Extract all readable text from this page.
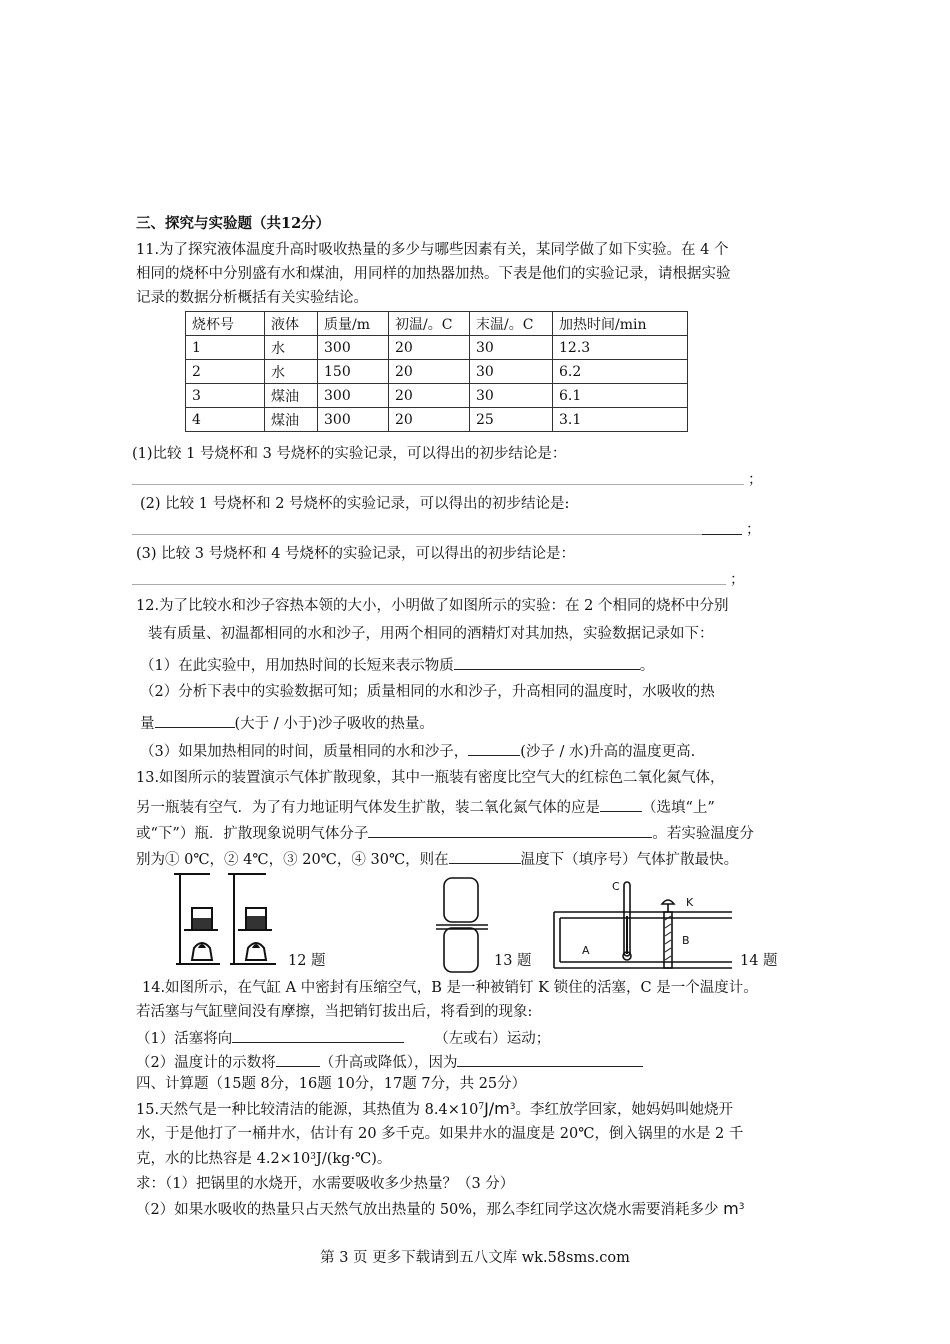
三、探究与实验题（共12分）
11.为了探究液体温度升高时吸收热量的多少与哪些因素有关，某同学做了如下实验。在 4 个
相同的烧杯中分别盛有水和煤油，用同样的加热器加热。下表是他们的实验记录，请根据实验
记录的数据分析概括有关实验结论。
烧杯号	液体	质量/m	初温/。C	末温/。C	加热时间/min
1	水	300	20	30	12.3
2	水	150	20	30	6.2
3	煤油	300	20	30	6.1
4	煤油	300	20	25	3.1
(1)比较 1 号烧杯和 3 号烧杯的实验记录，可以得出的初步结论是：
；
(2) 比较 1 号烧杯和 2 号烧杯的实验记录，可以得出的初步结论是:
；
(3) 比较 3 号烧杯和 4 号烧杯的实验记录，可以得出的初步结论是：
；
12.为了比较水和沙子容热本领的大小，小明做了如图所示的实验：在 2 个相同的烧杯中分别
装有质量、初温都相同的水和沙子，用两个相同的酒精灯对其加热，实验数据记录如下：
（1）在此实验中，用加热时间的长短来表示物质	。
（2）分析下表中的实验数据可知；质量相同的水和沙子，升高相同的温度时，水吸收的热
量	(大于 / 小于)沙子吸收的热量。
（3）如果加热相同的时间，质量相同的水和沙子，	(沙子 / 水)升高的温度更高.
13.如图所示的装置演示气体扩散现象，其中一瓶装有密度比空气大的红棕色二氧化氮气体，
另一瓶装有空气．为了有力地证明气体发生扩散，装二氧化氮气体的应是	（选填“上”
或“下”）瓶．扩散现象说明气体分子	。若实验温度分
别为① 0℃，② 4℃，③ 20℃，④ 30℃，则在	温度下（填序号）气体扩散最快。
12 题	13 题
A
B
C
K
14 题
14.如图所示，在气缸 A 中密封有压缩空气，B 是一种被销钉 K 锁住的活塞，C 是一个温度计。
若活塞与气缸壁间没有摩擦，当把销钉拔出后，将看到的现象:
（1）活塞将向	（左或右）运动；
（2）温度计的示数将	（升高或降低），因为
四、计算题（15题 8分，16题 10分，17题 7分，共 25分）
15.天然气是一种比较清洁的能源，其热值为 $8.4\times 10^7J/m^3$。李红放学回家，她妈妈叫她烧开
水，于是他打了一桶井水，估计有 20 多千克。如果井水的温度是 20℃，倒入锅里的水是 2 千
克，水的比热容是 $4.2\times 10^3J/(kg\cdot℃)$。
求：（1）把锅里的水烧开，水需要吸收多少热量？（3 分）
（2）如果水吸收的热量只占天然气放出热量的 50%，那么李红同学这次烧水需要消耗多少 $m^3$
第 3 页 更多下载请到五八文库 wk.58sms.com
